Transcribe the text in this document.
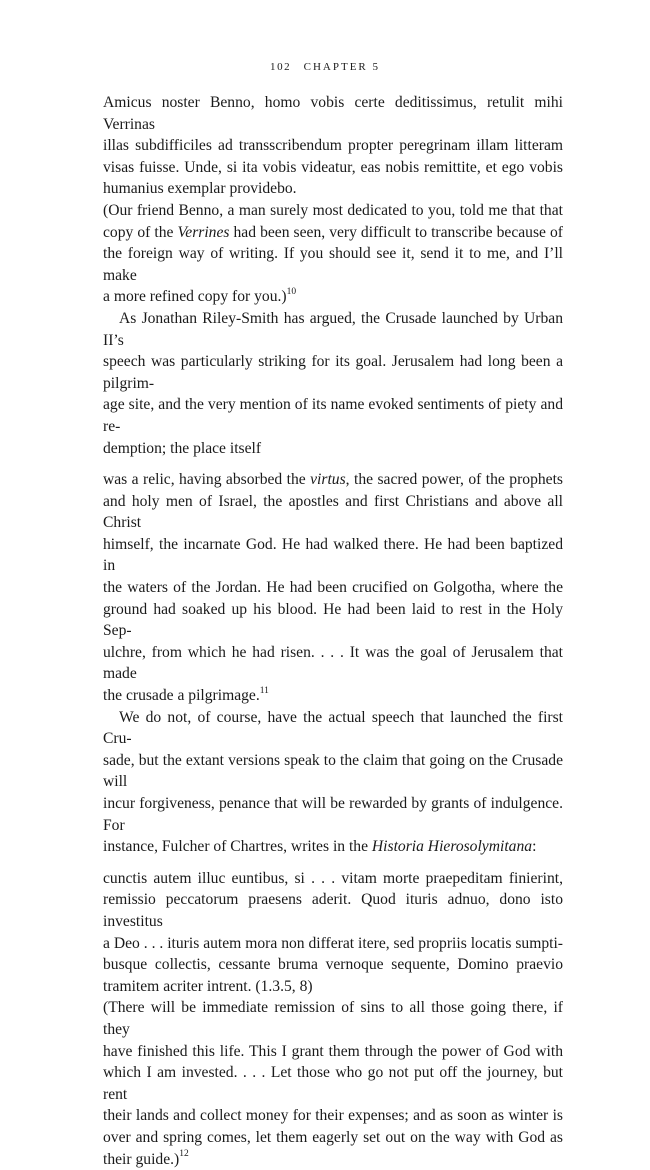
102 CHAPTER 5

Amicus noster Benno, homo vobis certe deditissimus, retulit mihi Verrinas
illas subdifficiles ad transscribendum propter peregrinam illam litteram
visas fuisse. Unde, si ita vobis videatur, eas nobis remittite, et ego vobis
humanius exemplar providebo.

(Our friend Benno, a man surely most dedicated to you, told me that that
copy of the Verrines had been seen, very difficult to transcribe because of
the foreign way of writing. If you should see it, send it to me, and I’ll make
a more refined copy for you.)$^{10}$

As Jonathan Riley-Smith has argued, the Crusade launched by Urban II’s
speech was particularly striking for its goal. Jerusalem had long been a pilgrim-
age site, and the very mention of its name evoked sentiments of piety and re-
demption; the place itself

was a relic, having absorbed the virtus, the sacred power, of the prophets
and holy men of Israel, the apostles and first Christians and above all Christ
himself, the incarnate God. He had walked there. He had been baptized in
the waters of the Jordan. He had been crucified on Golgotha, where the
ground had soaked up his blood. He had been laid to rest in the Holy Sep-
ulchre, from which he had risen. . . . It was the goal of Jerusalem that made
the crusade a pilgrimage.$^{11}$

We do not, of course, have the actual speech that launched the first Cru-
sade, but the extant versions speak to the claim that going on the Crusade will
incur forgiveness, penance that will be rewarded by grants of indulgence. For
instance, Fulcher of Chartres, writes in the Historia Hierosolymitana:

cunctis autem illuc euntibus, si . . . vitam morte praepeditam finierint,
remissio peccatorum praesens aderit. Quod ituris adnuo, dono isto investitus
a Deo . . . ituris autem mora non differat itere, sed propriis locatis sumpti-
busque collectis, cessante bruma vernoque sequente, Domino praevio
tramitem acriter intrent. (1.3.5, 8)

(There will be immediate remission of sins to all those going there, if they
have finished this life. This I grant them through the power of God with
which I am invested. . . . Let those who go not put off the journey, but rent
their lands and collect money for their expenses; and as soon as winter is
over and spring comes, let them eagerly set out on the way with God as
their guide.)$^{12}$
